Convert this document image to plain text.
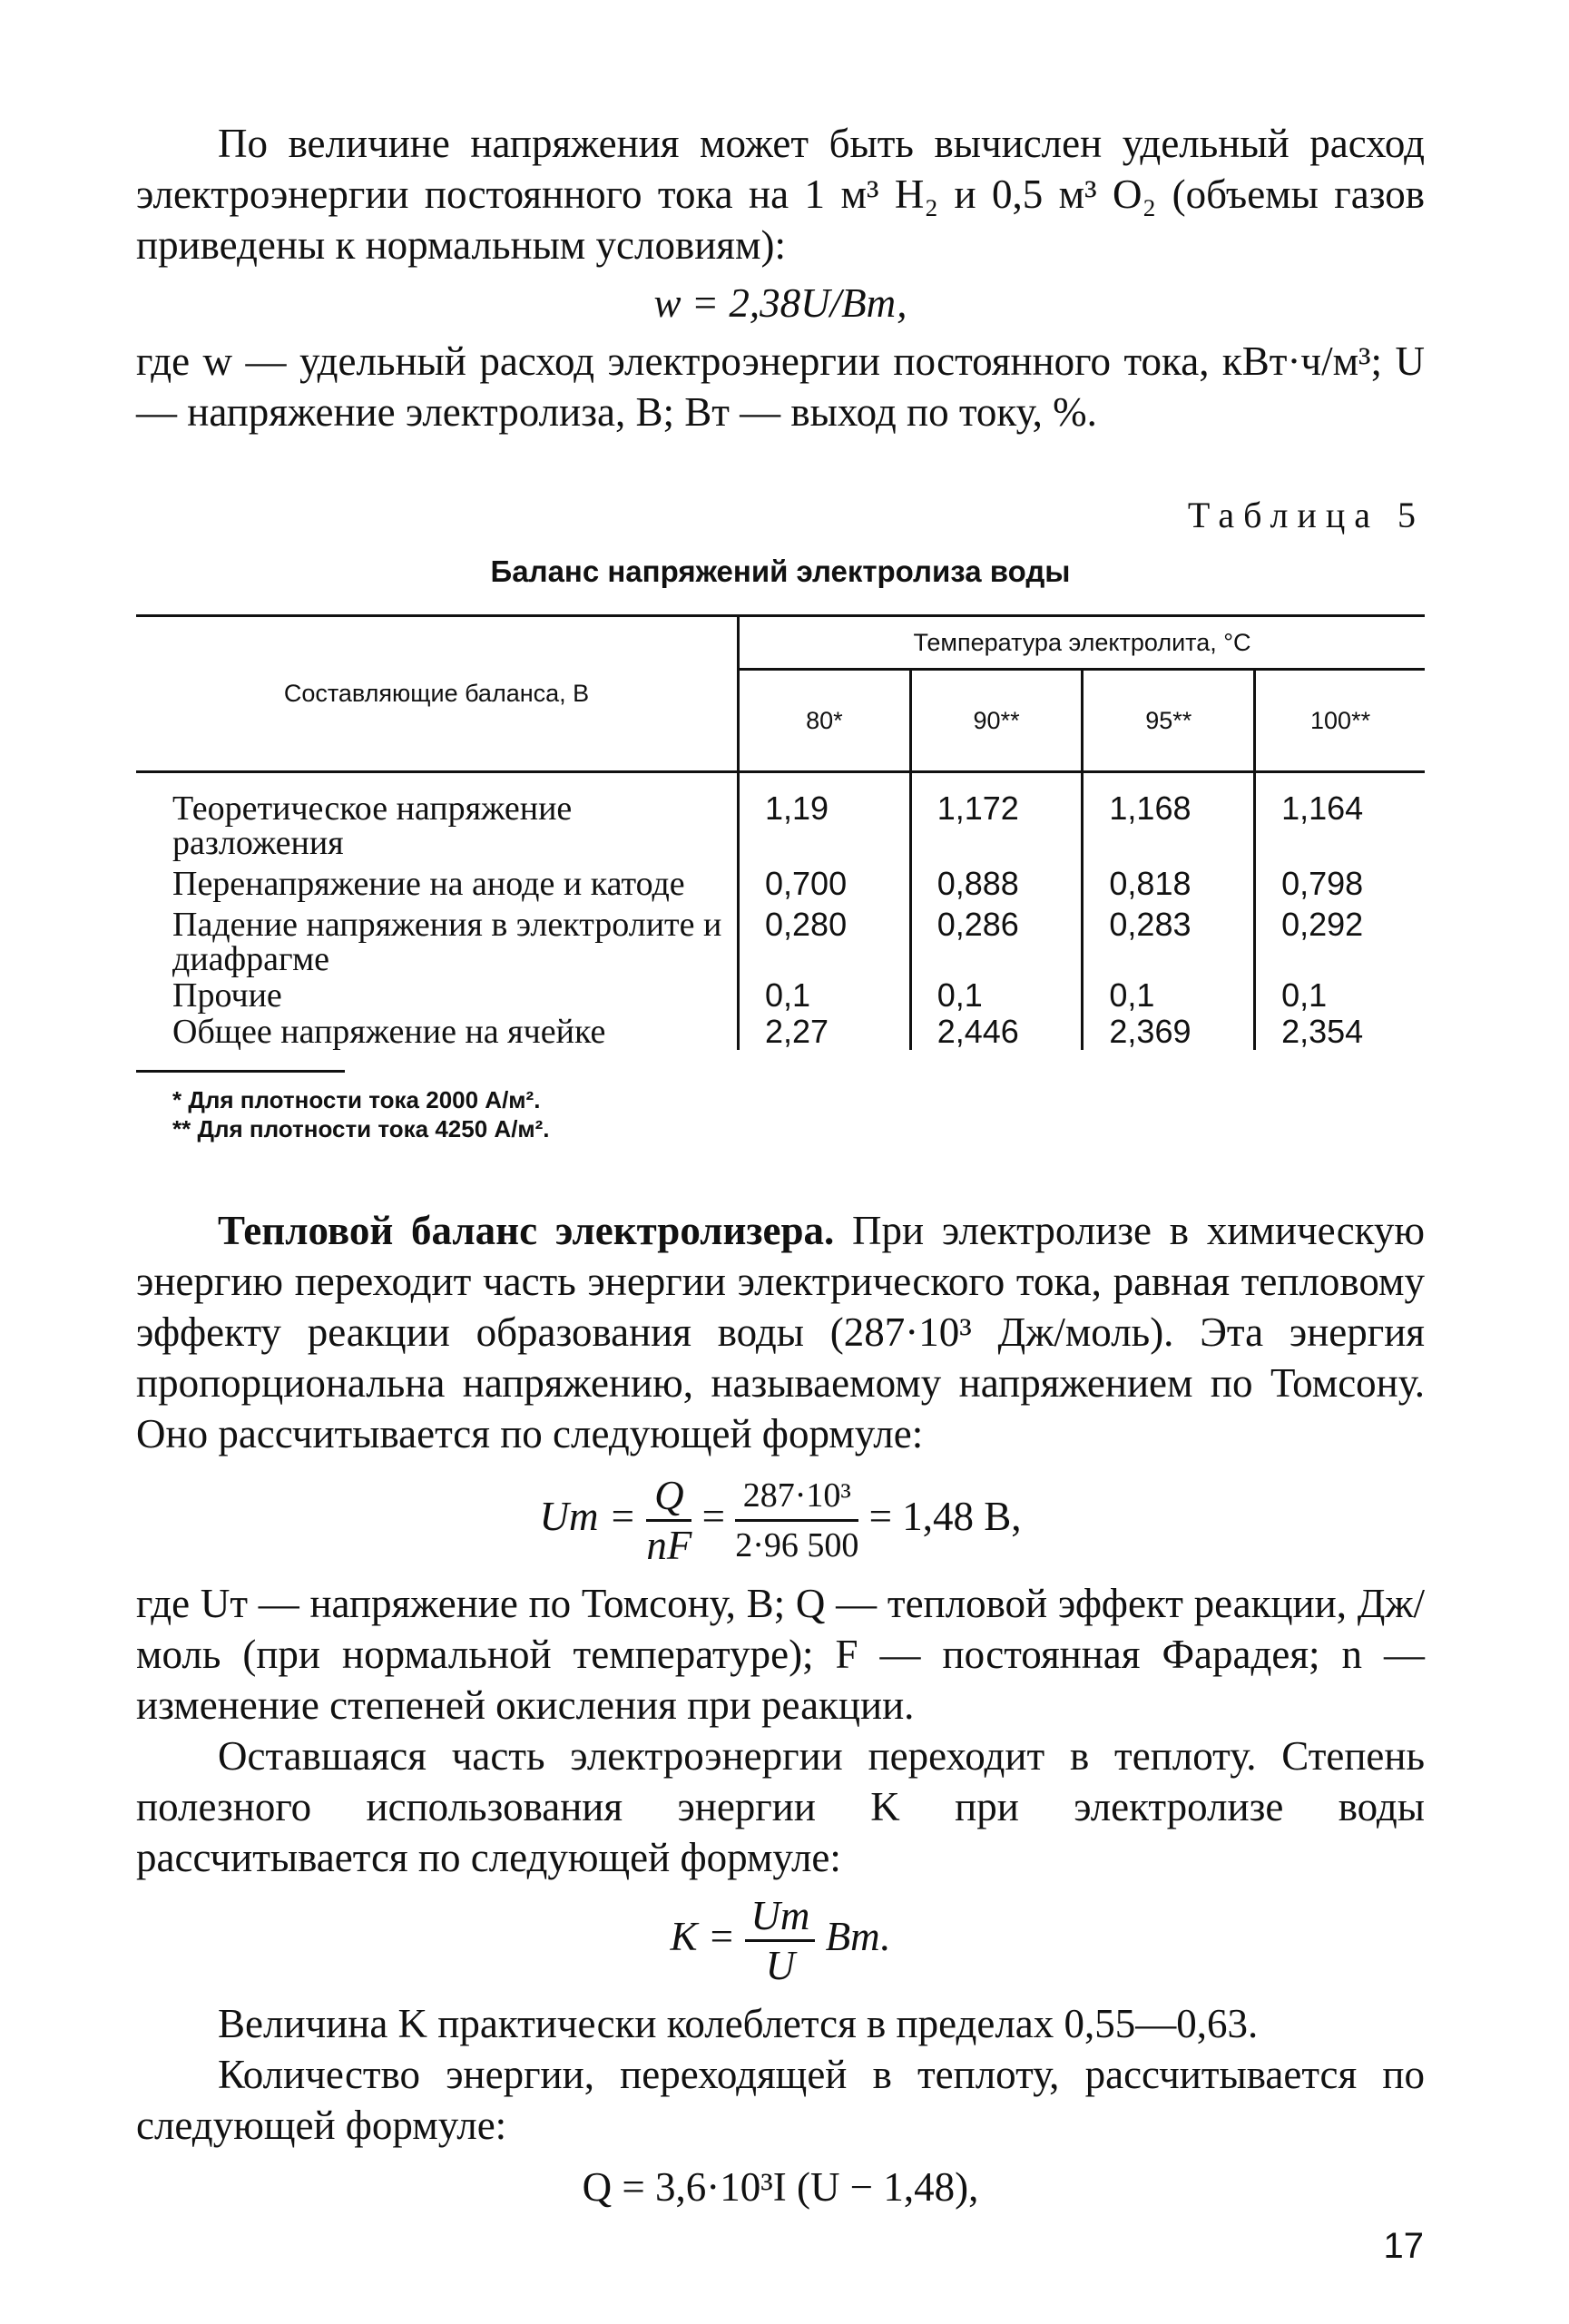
По величине напряжения может быть вычислен удельный расход электроэнергии постоянного тока на 1 м³ H₂ и 0,5 м³ O₂ (объемы газов приведены к нормальным условиям):

w = 2,38U/Bт,

где w — удельный расход электроэнергии постоянного тока, кВт·ч/м³; U — напряжение электролиза, В; Bт — выход по току, %.

Таблица 5

Баланс напряжений электролиза воды

Составляющие баланса, В	Температура электролита, °С			
	80*	90**	95**	100**
Теоретическое напряжение разложения	1,19	1,172	1,168	1,164
Перенапряжение на аноде и катоде	0,700	0,888	0,818	0,798
Падение напряжения в электролите и диафрагме	0,280	0,286	0,283	0,292
Прочие	0,1	0,1	0,1	0,1
Общее напряжение на ячейке	2,27	2,446	2,369	2,354

* Для плотности тока 2000 А/м².

** Для плотности тока 4250 А/м².

Тепловой баланс электролизера. При электролизе в химическую энергию переходит часть энергии электрического тока, равная тепловому эффекту реакции образования воды (287·10³ Дж/моль). Эта энергия пропорциональна напряжению, называемому напряжением по Томсону. Оно рассчитывается по следующей формуле:

Uт = $\frac{Q}{nF} = \frac{\text{287·10³}}{2\cdot 96 500} = 1,48$ В,

где Uт — напряжение по Томсону, В; Q — тепловой эффект реакции, Дж/моль (при нормальной температуре); F — постоянная Фарадея; n — изменение степеней окисления при реакции.

Оставшаяся часть электроэнергии переходит в теплоту. Степень полезного использования энергии K при электролизе воды рассчитывается по следующей формуле:

$K = \frac{Uт}{U}$ Bт.

Величина K практически колеблется в пределах 0,55—0,63.

Количество энергии, переходящей в теплоту, рассчитывается по следующей формуле:

Q = 3,6·10³I (U − 1,48),

17
